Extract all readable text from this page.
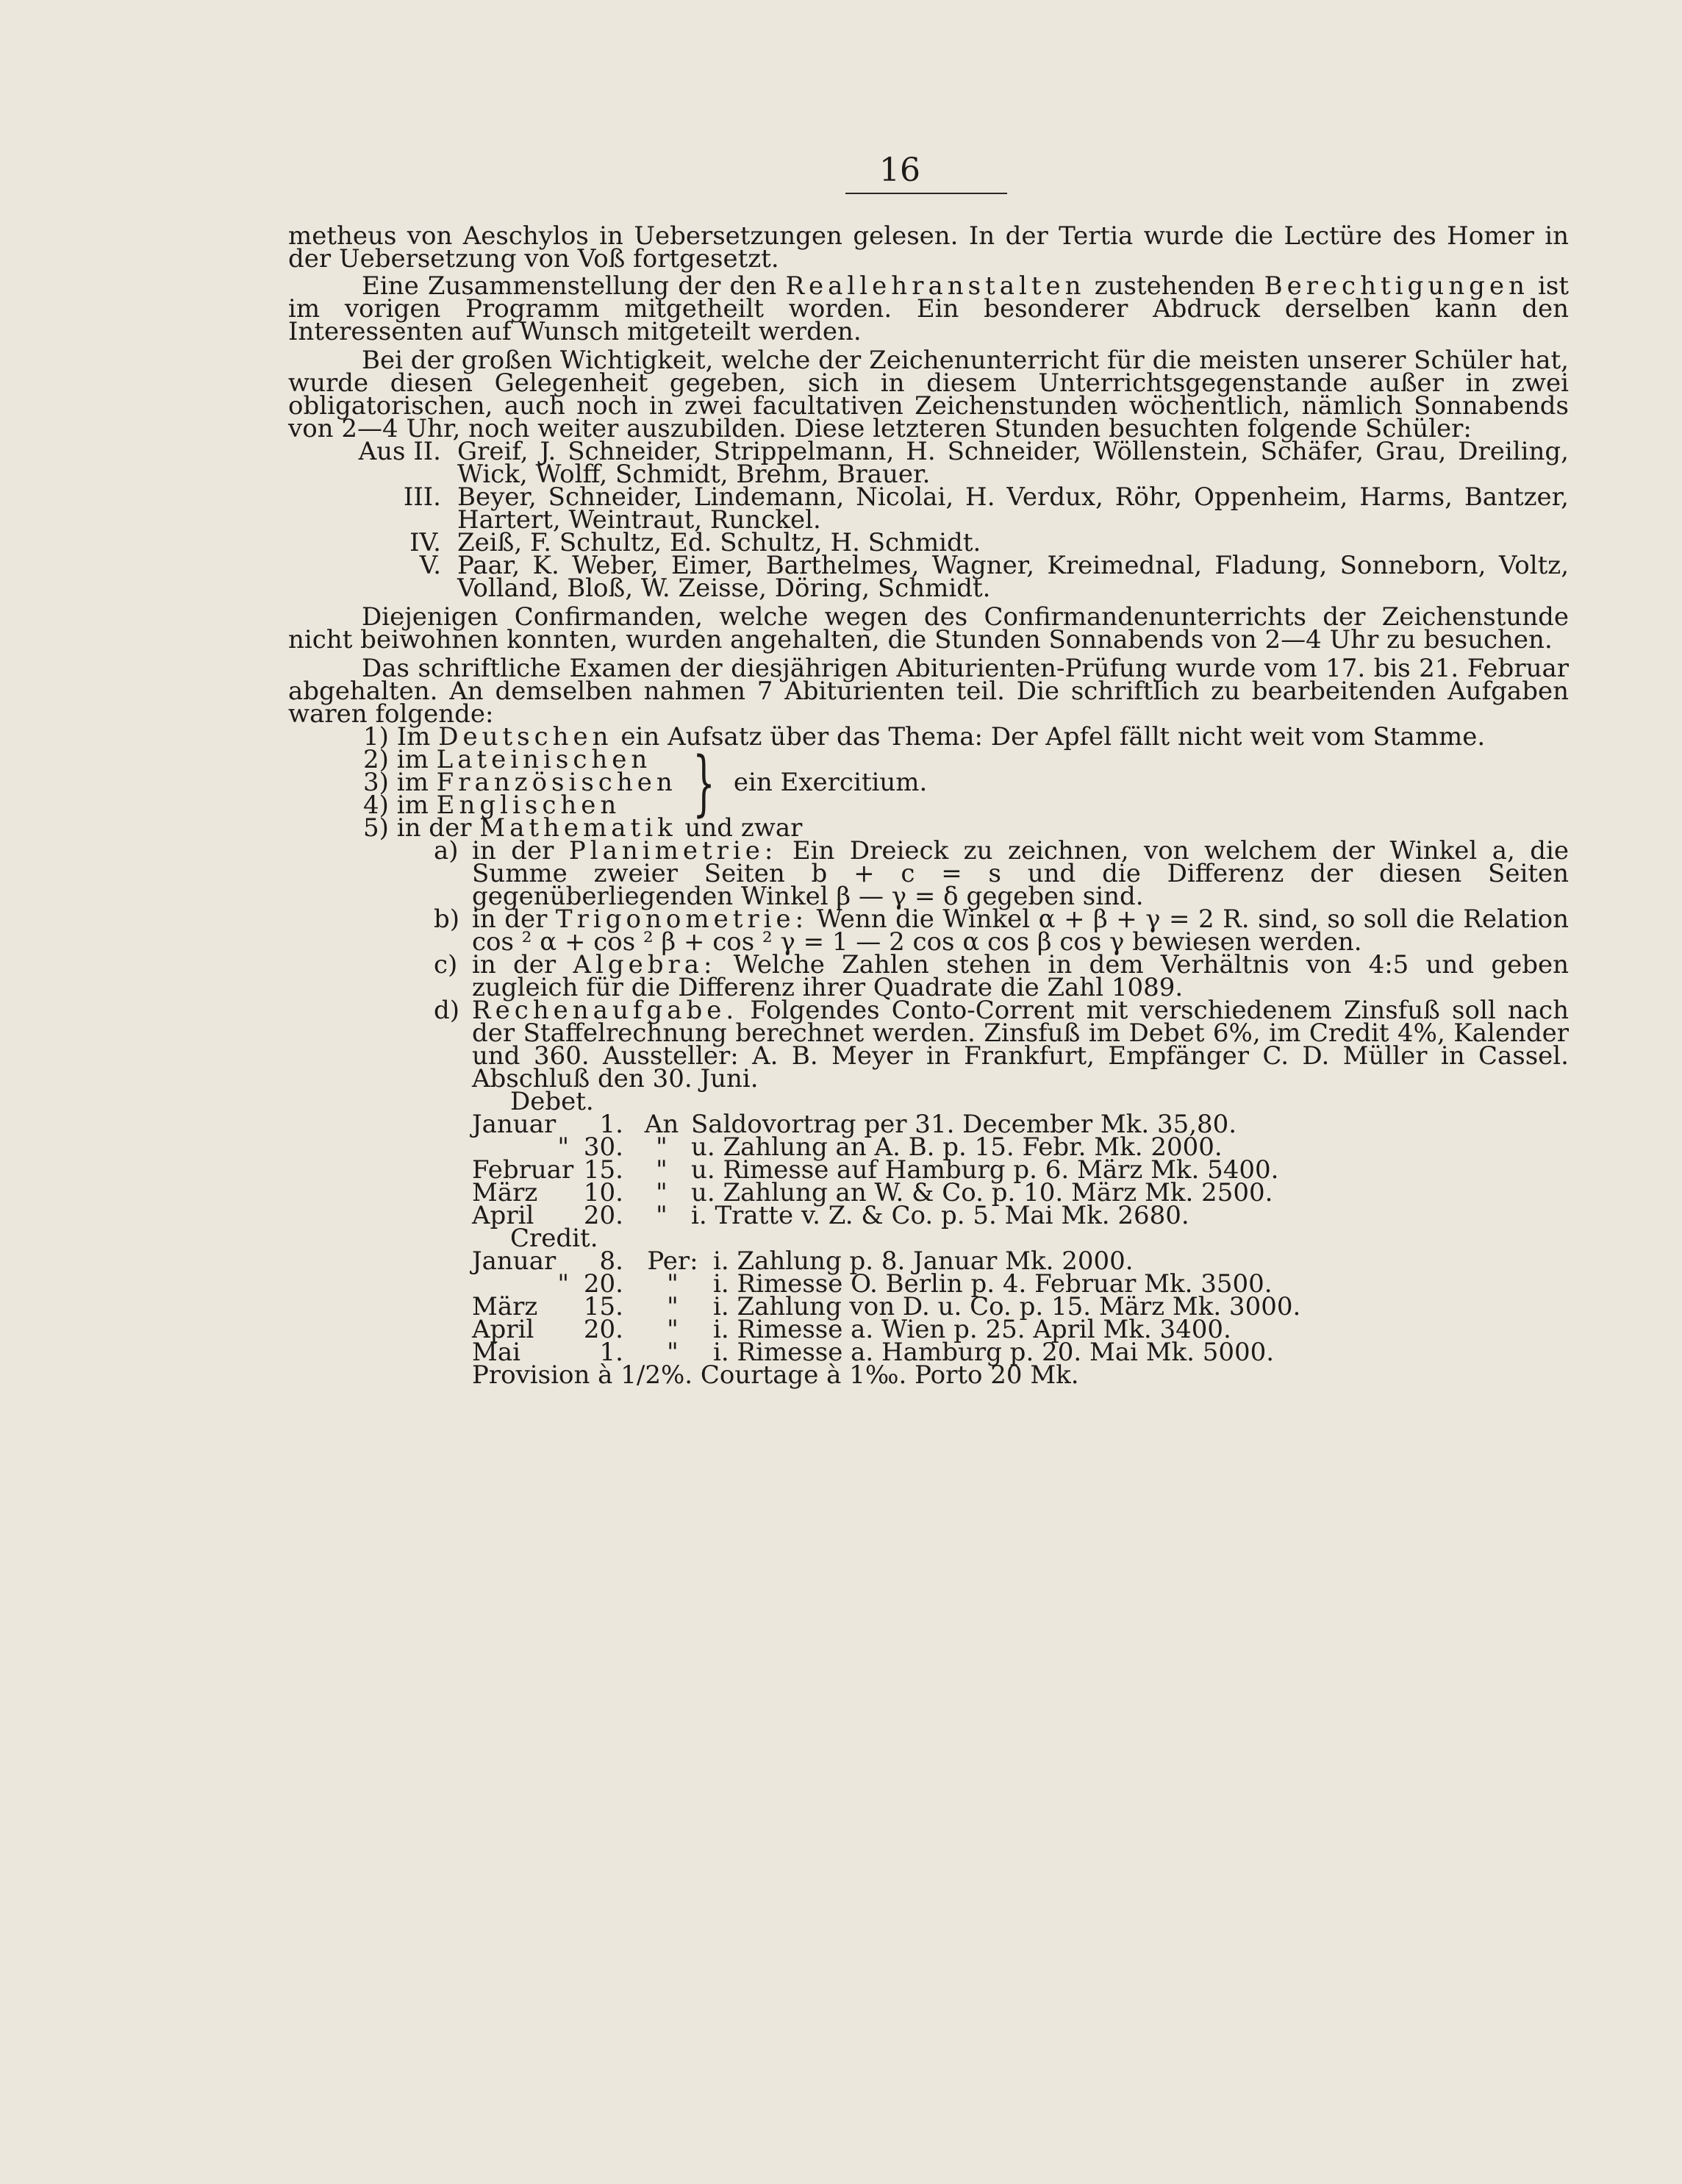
16

metheus von Aeschylos in Uebersetzungen gelesen. In der Tertia wurde die Lectüre des Homer in der Uebersetzung von Voß fortgesetzt.

Eine Zusammenstellung der den Reallehranstalten zustehenden Berechtigungen ist im vorigen Programm mitgetheilt worden. Ein besonderer Abdruck derselben kann den Interessenten auf Wunsch mitgeteilt werden.

Bei der großen Wichtigkeit, welche der Zeichenunterricht für die meisten unserer Schüler hat, wurde diesen Gelegenheit gegeben, sich in diesem Unterrichtsgegenstande außer in zwei obligatorischen, auch noch in zwei facultativen Zeichenstunden wöchentlich, nämlich Sonnabends von 2—4 Uhr, noch weiter auszubilden. Diese letzteren Stunden besuchten folgende Schüler:

Aus II. Greif, J. Schneider, Strippelmann, H. Schneider, Wöllenstein, Schäfer, Grau, Dreiling, Wick, Wolff, Schmidt, Brehm, Brauer.
III. Beyer, Schneider, Lindemann, Nicolai, H. Verdux, Röhr, Oppenheim, Harms, Bantzer, Hartert, Weintraut, Runckel.
IV. Zeiß, F. Schultz, Ed. Schultz, H. Schmidt.
V. Paar, K. Weber, Eimer, Barthelmes, Wagner, Kreimednal, Fladung, Sonneborn, Voltz, Volland, Bloß, W. Zeisse, Döring, Schmidt.

Diejenigen Confirmanden, welche wegen des Confirmandenunterrichts der Zeichenstunde nicht beiwohnen konnten, wurden angehalten, die Stunden Sonnabends von 2—4 Uhr zu besuchen.

Das schriftliche Examen der diesjährigen Abiturienten-Prüfung wurde vom 17. bis 21. Februar abgehalten. An demselben nahmen 7 Abiturienten teil. Die schriftlich zu bearbeitenden Aufgaben waren folgende:

1) Im Deutschen ein Aufsatz über das Thema: Der Apfel fällt nicht weit vom Stamme.
2) im Lateinischen
3) im Französischen
4) im Englischen	} ein Exercitium.
5) in der Mathematik und zwar
a) in der Planimetrie: Ein Dreieck zu zeichnen, von welchem der Winkel a, die Summe zweier Seiten b + c = s und die Differenz der diesen Seiten gegenüberliegenden Winkel β — γ = δ gegeben sind.
b) in der Trigonometrie: Wenn die Winkel α + β + γ = 2 R. sind, so soll die Relation cos ² α + cos ² β + cos ² γ = 1 — 2 cos α cos β cos γ bewiesen werden.
c) in der Algebra: Welche Zahlen stehen in dem Verhältnis von 4:5 und geben zugleich für die Differenz ihrer Quadrate die Zahl 1089.
d) Rechenaufgabe. Folgendes Conto-Corrent mit verschiedenem Zinsfuß soll nach der Staffelrechnung berechnet werden. Zinsfuß im Debet 6%, im Credit 4%, Kalender und 360. Aussteller: A. B. Meyer in Frankfurt, Empfänger C. D. Müller in Cassel. Abschluß den 30. Juni.
Debet.
Januar	1. An Saldovortrag per 31. December Mk. 35,80.
" 30.	" u. Zahlung an A. B. p. 15. Febr. Mk. 2000.
Februar 15.	" u. Rimesse auf Hamburg p. 6. März Mk. 5400.
März	10.	" u. Zahlung an W. & Co. p. 10. März Mk. 2500.
April	20.	" i. Tratte v. Z. & Co. p. 5. Mai Mk. 2680.
Credit.
Januar	8. Per: i. Zahlung p. 8. Januar Mk. 2000.
" 20.	"	i. Rimesse O. Berlin p. 4. Februar Mk. 3500.
März	15.	"	i. Zahlung von D. u. Co. p. 15. März Mk. 3000.
April	20.	"	i. Rimesse a. Wien p. 25. April Mk. 3400.
Mai	1.	"	i. Rimesse a. Hamburg p. 20. Mai Mk. 5000.
Provision à 1/2%. Courtage à 1‰. Porto 20 Mk.
